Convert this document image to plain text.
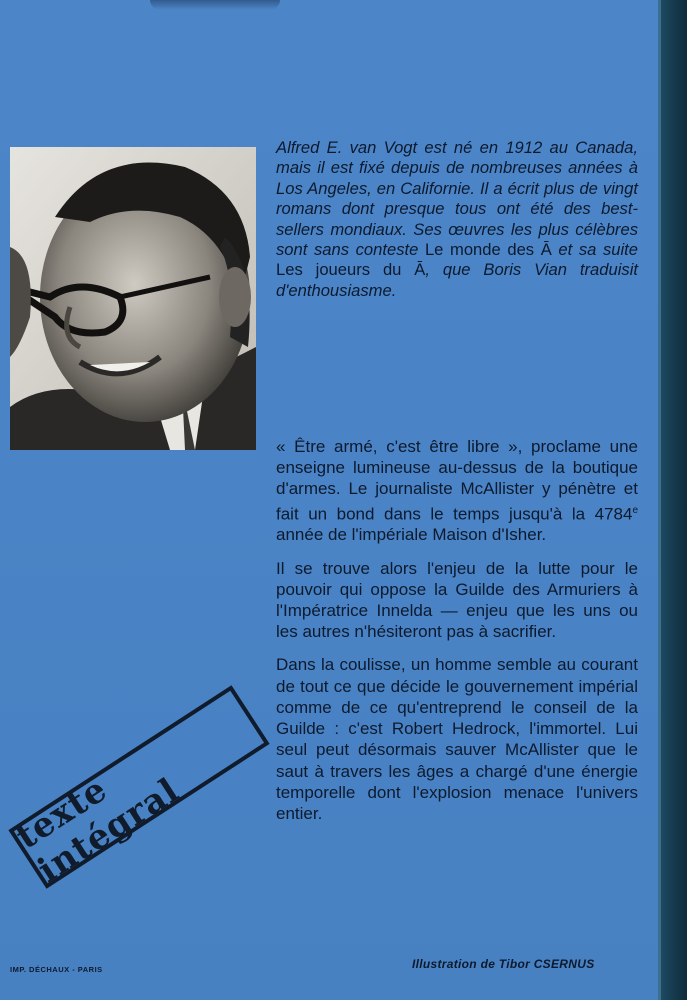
Alfred E. van Vogt est né en 1912 au Canada, mais il est fixé depuis de nombreuses années à Los Angeles, en Californie. Il a écrit plus de vingt romans dont presque tous ont été des best-sellers mondiaux. Ses œuvres les plus célèbres sont sans conteste Le monde des Ā et sa suite Les joueurs du Ā, que Boris Vian traduisit d'enthousiasme.

« Être armé, c'est être libre », proclame une enseigne lumineuse au-dessus de la boutique d'armes. Le journaliste McAllister y pénètre et fait un bond dans le temps jusqu'à la 4784e année de l'impériale Maison d'Isher.

Il se trouve alors l'enjeu de la lutte pour le pouvoir qui oppose la Guilde des Armuriers à l'Impératrice Innelda — enjeu que les uns ou les autres n'hésiteront pas à sacrifier.

Dans la coulisse, un homme semble au courant de tout ce que décide le gouvernement impérial comme de ce qu'entreprend le conseil de la Guilde : c'est Robert Hedrock, l'immortel. Lui seul peut désormais sauver McAllister que le saut à travers les âges a chargé d'une énergie temporelle dont l'explosion menace l'univers entier.

texte intégral
IMP. DÉCHAUX - PARIS	Illustration de Tibor CSERNUS
